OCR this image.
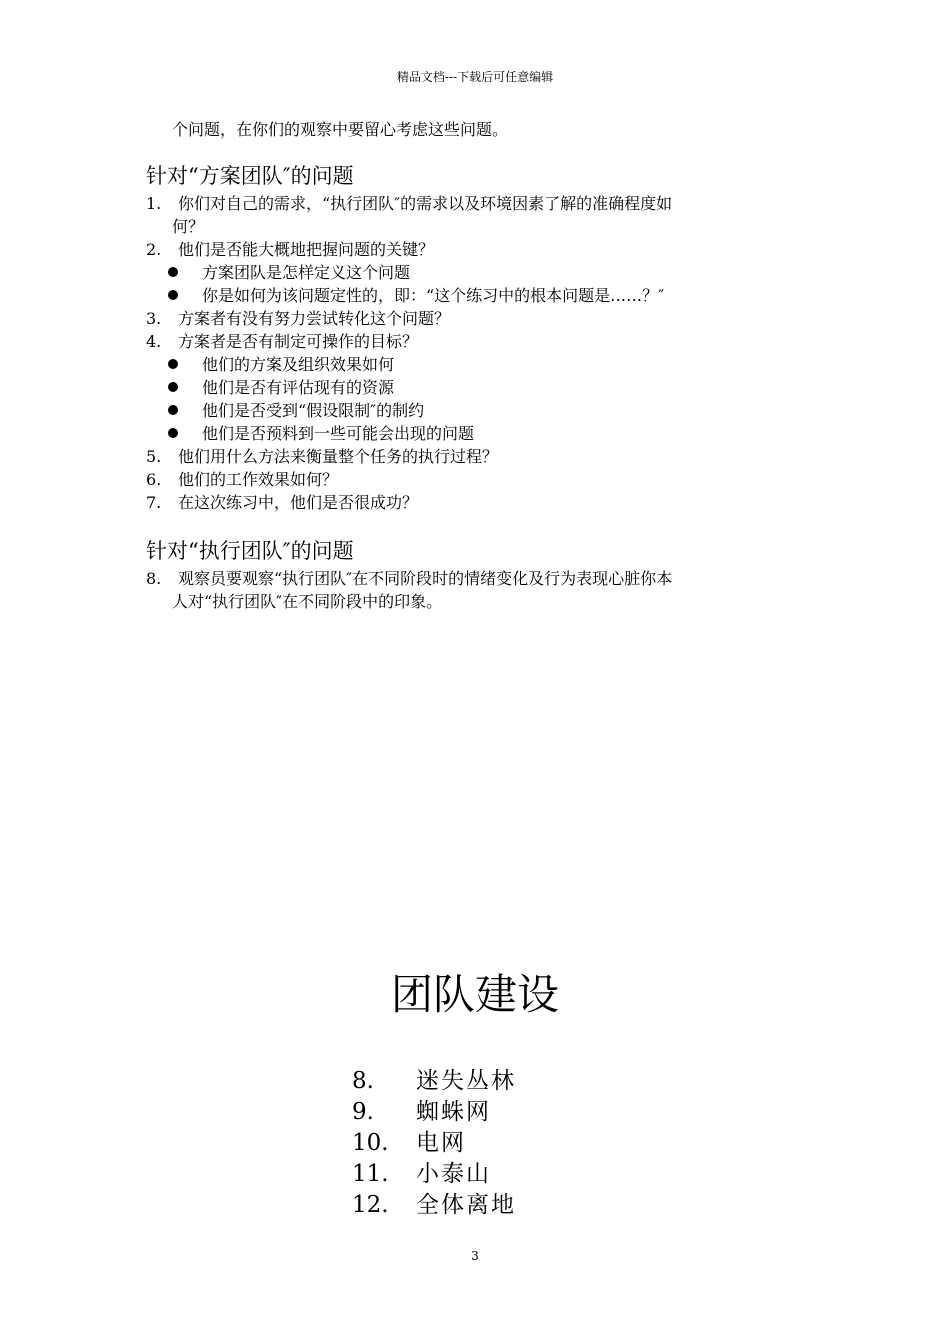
精品文档---下载后可任意编辑
个问题，在你们的观察中要留心考虑这些问题。
针对“方案团队″的问题
1. 你们对自己的需求，“执行团队″的需求以及环境因素了解的准确程度如
何？
2. 他们是否能大概地把握问题的关键？
方案团队是怎样定义这个问题
你是如何为该问题定性的，即：“这个练习中的根本问题是……？″
3. 方案者有没有努力尝试转化这个问题？
4. 方案者是否有制定可操作的目标？
他们的方案及组织效果如何
他们是否有评估现有的资源
他们是否受到“假设限制″的制约
他们是否预料到一些可能会出现的问题
5. 他们用什么方法来衡量整个任务的执行过程？
6. 他们的工作效果如何？
7. 在这次练习中，他们是否很成功？
针对“执行团队″的问题
8. 观察员要观察“执行团队″在不同阶段时的情绪变化及行为表现心脏你本
人对“执行团队″在不同阶段中的印象。
团队建设
8. 迷失丛林
9. 蜘蛛网
10. 电网
11. 小泰山
12. 全体离地
3
